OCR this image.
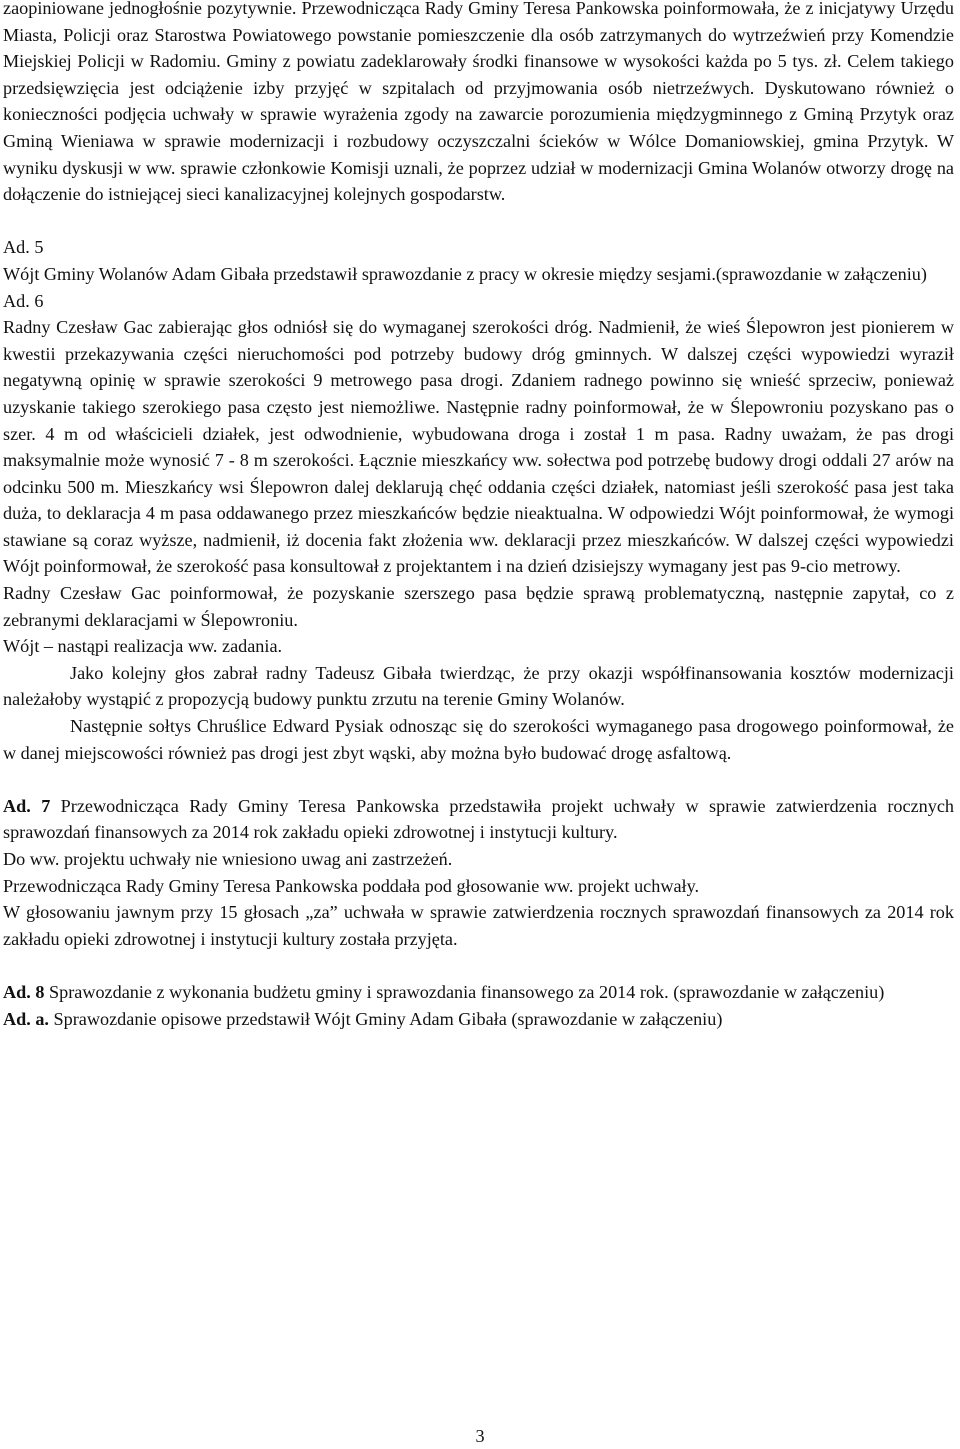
zaopiniowane jednogłośnie pozytywnie. Przewodnicząca Rady Gminy Teresa Pankowska poinformowała, że z inicjatywy Urzędu Miasta, Policji oraz Starostwa Powiatowego powstanie pomieszczenie dla osób zatrzymanych do wytrzeźwień przy Komendzie Miejskiej Policji w Radomiu. Gminy z powiatu zadeklarowały środki finansowe w wysokości każda po 5 tys. zł. Celem takiego przedsięwzięcia jest odciążenie izby przyjęć w szpitalach od przyjmowania osób nietrzeźwych. Dyskutowano również o konieczności podjęcia uchwały w sprawie wyrażenia zgody na zawarcie porozumienia międzygminnego z Gminą Przytyk oraz Gminą Wieniawa w sprawie modernizacji i rozbudowy oczyszczalni ścieków w Wólce Domaniowskiej, gmina Przytyk. W wyniku dyskusji w ww. sprawie członkowie Komisji uznali, że poprzez udział w modernizacji Gmina Wolanów otworzy drogę na dołączenie do istniejącej sieci kanalizacyjnej kolejnych gospodarstw.

Ad. 5

Wójt Gminy Wolanów Adam Gibała przedstawił sprawozdanie z pracy w okresie między sesjami.(sprawozdanie w załączeniu)

Ad. 6

Radny Czesław Gac zabierając głos odniósł się do wymaganej szerokości dróg. Nadmienił, że wieś Ślepowron jest pionierem w kwestii przekazywania części nieruchomości pod potrzeby budowy dróg gminnych. W dalszej części wypowiedzi wyraził negatywną opinię w sprawie szerokości 9 metrowego pasa drogi. Zdaniem radnego powinno się wnieść sprzeciw, ponieważ uzyskanie takiego szerokiego pasa często jest niemożliwe. Następnie radny poinformował, że w Ślepowroniu pozyskano pas o szer. 4 m od właścicieli działek, jest odwodnienie, wybudowana droga i został 1 m pasa. Radny uważam, że pas drogi maksymalnie może wynosić 7 - 8 m szerokości. Łącznie mieszkańcy ww. sołectwa pod potrzebę budowy drogi oddali 27 arów na odcinku 500 m. Mieszkańcy wsi Ślepowron dalej deklarują chęć oddania części działek, natomiast jeśli szerokość pasa jest taka duża, to deklaracja 4 m pasa oddawanego przez mieszkańców będzie nieaktualna. W odpowiedzi Wójt poinformował, że wymogi stawiane są coraz wyższe, nadmienił, iż docenia fakt złożenia ww. deklaracji przez mieszkańców. W dalszej części wypowiedzi Wójt poinformował, że szerokość pasa konsultował z projektantem i na dzień dzisiejszy wymagany jest pas 9-cio metrowy.

Radny Czesław Gac poinformował, że pozyskanie szerszego pasa będzie sprawą problematyczną, następnie zapytał, co z zebranymi deklaracjami w Ślepowroniu.

Wójt – nastąpi realizacja ww. zadania.

Jako kolejny głos zabrał radny Tadeusz Gibała twierdząc, że przy okazji współfinansowania kosztów modernizacji należałoby wystąpić z propozycją budowy punktu zrzutu na terenie Gminy Wolanów.

Następnie sołtys Chruślice Edward Pysiak odnosząc się do szerokości wymaganego pasa drogowego poinformował, że w danej miejscowości również pas drogi jest zbyt wąski, aby można było budować drogę asfaltową.

Ad. 7 Przewodnicząca Rady Gminy Teresa Pankowska przedstawiła projekt uchwały w sprawie zatwierdzenia rocznych sprawozdań finansowych za 2014 rok zakładu opieki zdrowotnej i instytucji kultury.

Do ww. projektu uchwały nie wniesiono uwag ani zastrzeżeń.

Przewodnicząca Rady Gminy Teresa Pankowska poddała pod głosowanie ww. projekt uchwały.

W głosowaniu jawnym przy 15 głosach „za” uchwała w sprawie zatwierdzenia rocznych sprawozdań finansowych za 2014 rok zakładu opieki zdrowotnej i instytucji kultury została przyjęta.

Ad. 8 Sprawozdanie z wykonania budżetu gminy i sprawozdania finansowego za 2014 rok. (sprawozdanie w załączeniu)

Ad. a. Sprawozdanie opisowe przedstawił Wójt Gminy Adam Gibała (sprawozdanie w załączeniu)

3
